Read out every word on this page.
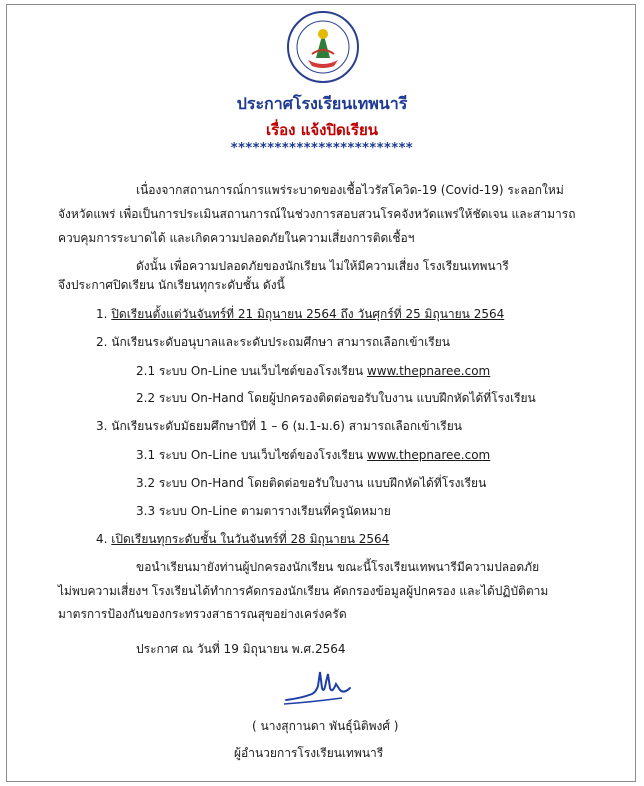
ประกาศโรงเรียนเทพนารี
เรื่อง แจ้งปิดเรียน
*************************
เนื่องจากสถานการณ์การแพร่ระบาดของเชื้อไวรัสโควิด-19 (Covid-19) ระลอกใหม่
จังหวัดแพร่ เพื่อเป็นการประเมินสถานการณ์ในช่วงการสอบสวนโรคจังหวัดแพร่ให้ชัดเจน และสามารถ
ควบคุมการระบาดได้ และเกิดความปลอดภัยในความเสี่ยงการติดเชื้อฯ
ดังนั้น เพื่อความปลอดภัยของนักเรียน ไม่ให้มีความเสี่ยง โรงเรียนเทพนารี
จึงประกาศปิดเรียน นักเรียนทุกระดับชั้น ดังนี้
1. ปิดเรียนตั้งแต่วันจันทร์ที่ 21 มิถุนายน 2564 ถึง วันศุกร์ที่ 25 มิถุนายน 2564
2. นักเรียนระดับอนุบาลและระดับประถมศึกษา สามารถเลือกเข้าเรียน
2.1 ระบบ On-Line บนเว็บไซต์ของโรงเรียน www.thepnaree.com
2.2 ระบบ On-Hand โดยผู้ปกครองติดต่อขอรับใบงาน แบบฝึกหัดได้ที่โรงเรียน
3. นักเรียนระดับมัธยมศึกษาปีที่ 1 – 6 (ม.1-ม.6) สามารถเลือกเข้าเรียน
3.1 ระบบ On-Line บนเว็บไซต์ของโรงเรียน www.thepnaree.com
3.2 ระบบ On-Hand โดยติดต่อขอรับใบงาน แบบฝึกหัดได้ที่โรงเรียน
3.3 ระบบ On-Line ตามตารางเรียนที่ครูนัดหมาย
4. เปิดเรียนทุกระดับชั้น ในวันจันทร์ที่ 28 มิถุนายน 2564
ขอนำเรียนมายังท่านผู้ปกครองนักเรียน ขณะนี้โรงเรียนเทพนารีมีความปลอดภัย
ไม่พบความเสี่ยงฯ โรงเรียนได้ทำการคัดกรองนักเรียน คัดกรองข้อมูลผู้ปกครอง และได้ปฏิบัติตาม
มาตรการป้องกันของกระทรวงสาธารณสุขอย่างเคร่งครัด
ประกาศ ณ วันที่ 19 มิถุนายน พ.ศ.2564
( นางสุกานดา พันธุ์นิติพงศ์ )
ผู้อำนวยการโรงเรียนเทพนารี
